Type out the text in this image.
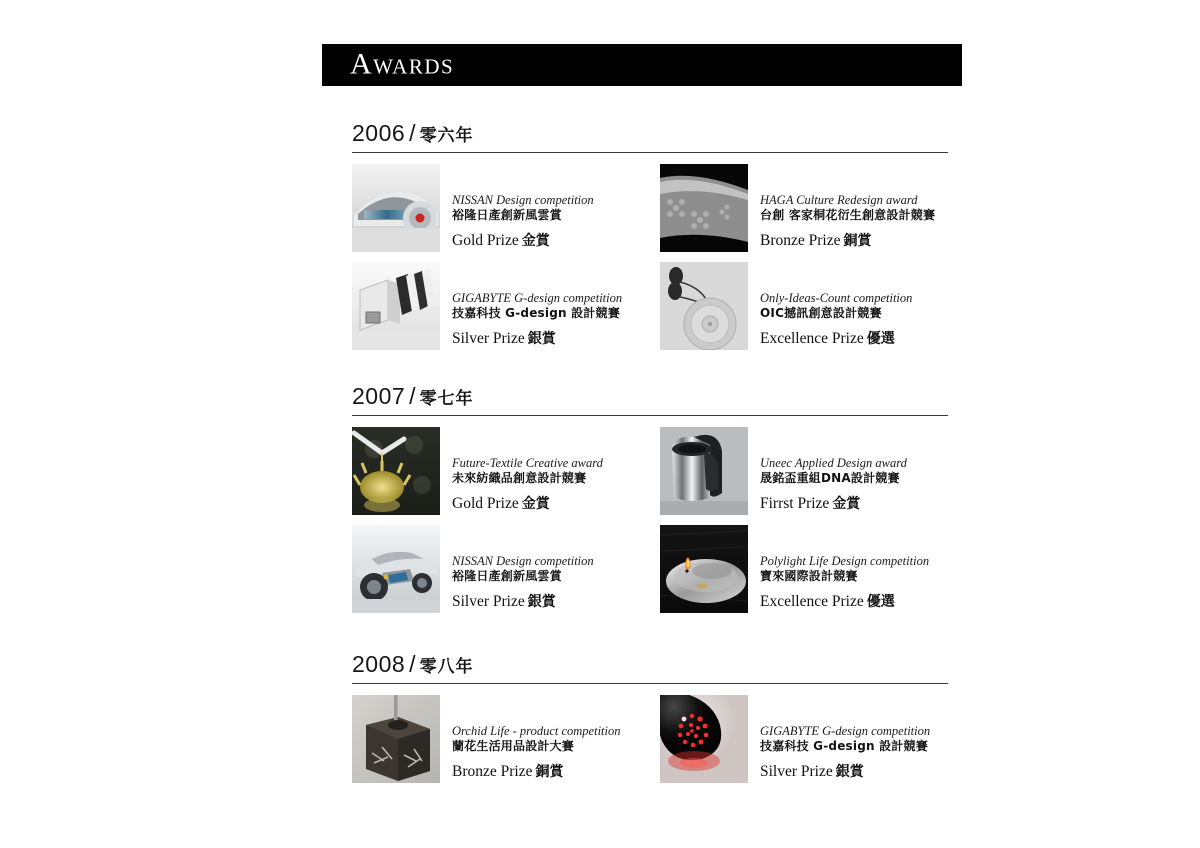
Awards
2006 / 零六年
NISSAN Design competition
裕隆日產創新風雲賞
Gold Prize 金賞
HAGA Culture Redesign award
台創 客家桐花衍生創意設計競賽
Bronze Prize 銅賞
GIGABYTE G-design competition
技嘉科技 G-design 設計競賽
Silver Prize 銀賞
Only-Ideas-Count competition
OIC撼訊創意設計競賽
Excellence Prize 優選
2007 / 零七年
Future-Textile Creative award
未來紡織品創意設計競賽
Gold Prize 金賞
Uneec Applied Design award
晟銘盃重組DNA設計競賽
Firrst Prize 金賞
NISSAN Design competition
裕隆日產創新風雲賞
Silver Prize 銀賞
Polylight Life Design competition
寶來國際設計競賽
Excellence Prize 優選
2008 / 零八年
Orchid Life - product competition
蘭花生活用品設計大賽
Bronze Prize 銅賞
GIGABYTE G-design competition
技嘉科技 G-design 設計競賽
Silver Prize 銀賞
